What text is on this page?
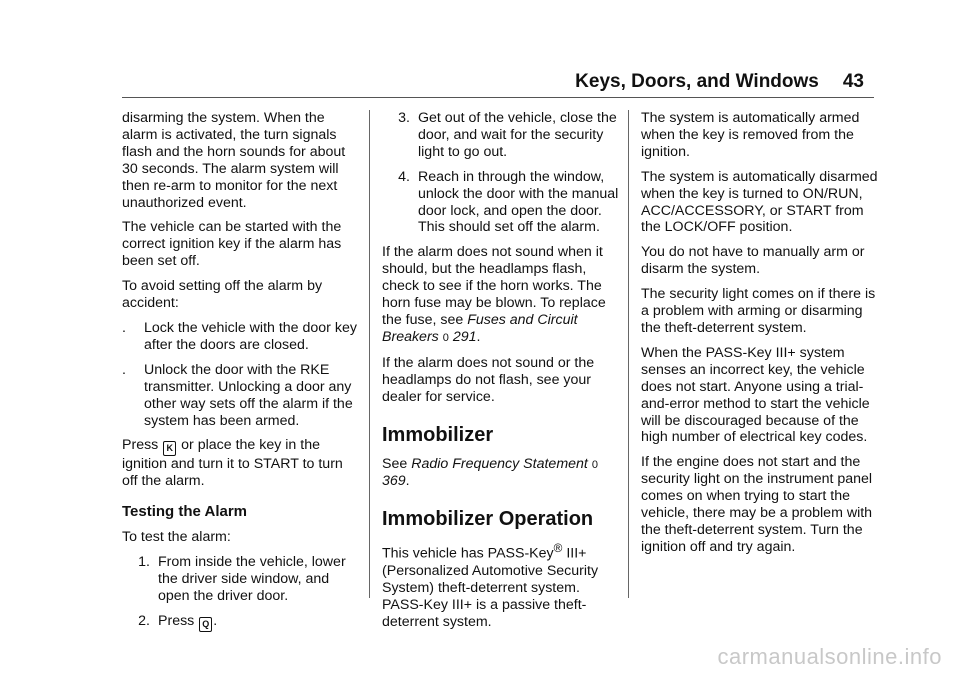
Keys, Doors, and Windows 43

disarming the system. When the alarm is activated, the turn signals flash and the horn sounds for about 30 seconds. The alarm system will then re-arm to monitor for the next unauthorized event.

The vehicle can be started with the correct ignition key if the alarm has been set off.

To avoid setting off the alarm by accident:

.	Lock the vehicle with the door key after the doors are closed.
.	Unlock the door with the RKE transmitter. Unlocking a door any other way sets off the alarm if the system has been armed.

Press K or place the key in the ignition and turn it to START to turn off the alarm.

Testing the Alarm

To test the alarm:

1. From inside the vehicle, lower the driver side window, and open the driver door.
2. Press Q .
3. Get out of the vehicle, close the door, and wait for the security light to go out.
4. Reach in through the window, unlock the door with the manual door lock, and open the door. This should set off the alarm.

If the alarm does not sound when it should, but the headlamps flash, check to see if the horn works. The horn fuse may be blown. To replace the fuse, see Fuses and Circuit Breakers 0 291.

If the alarm does not sound or the headlamps do not flash, see your dealer for service.

Immobilizer

See Radio Frequency Statement 0 369.

Immobilizer Operation

This vehicle has PASS-Key® III+ (Personalized Automotive Security System) theft-deterrent system. PASS-Key III+ is a passive theft-deterrent system.

The system is automatically armed when the key is removed from the ignition.

The system is automatically disarmed when the key is turned to ON/RUN, ACC/ACCESSORY, or START from the LOCK/OFF position.

You do not have to manually arm or disarm the system.

The security light comes on if there is a problem with arming or disarming the theft-deterrent system.

When the PASS-Key III+ system senses an incorrect key, the vehicle does not start. Anyone using a trial-and-error method to start the vehicle will be discouraged because of the high number of electrical key codes.

If the engine does not start and the security light on the instrument panel comes on when trying to start the vehicle, there may be a problem with the theft-deterrent system. Turn the ignition off and try again.

carmanualsonline.info
